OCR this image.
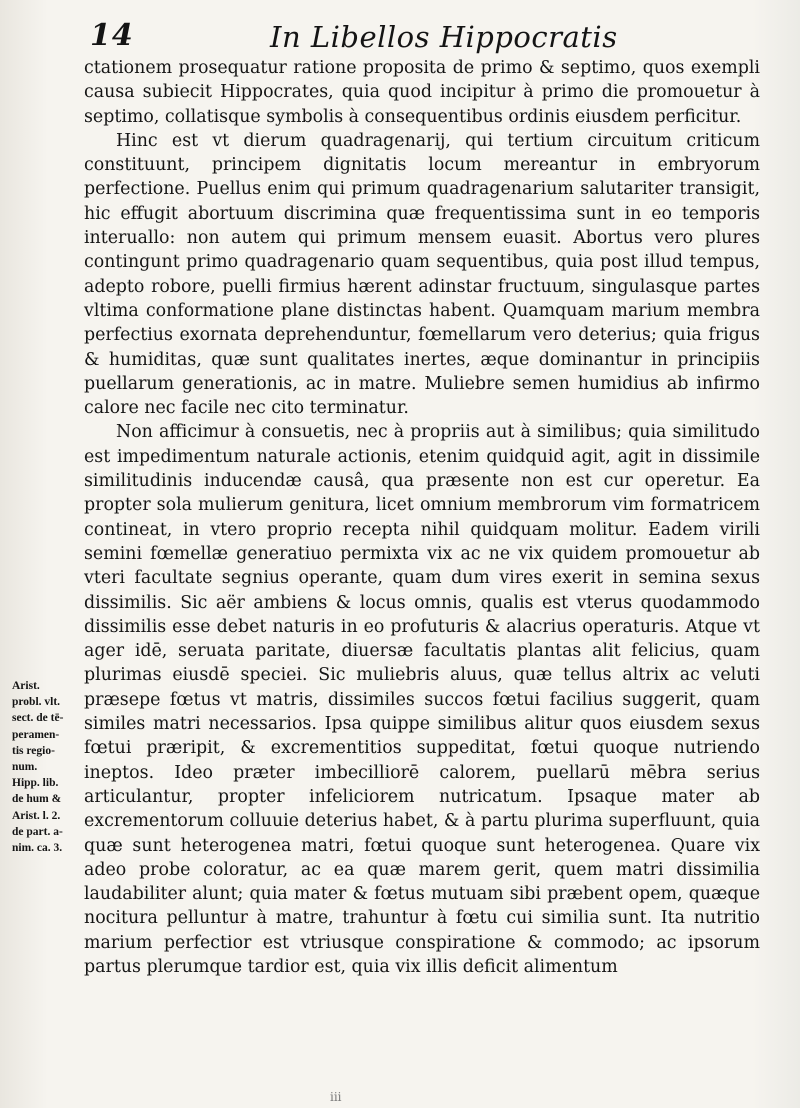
14	In Libellos Hippocratis

ctationem prosequatur ratione proposita de primo & septimo, quos exempli causa subiecit Hippocrates, quia quod incipitur à primo die promouetur à septimo, collatisque symbolis à consequentibus ordinis eiusdem perficitur.

Hinc est vt dierum quadragenarij, qui tertium circuitum criticum constituunt, principem dignitatis locum mereantur in embryorum perfectione. Puellus enim qui primum quadragenarium salutariter transigit, hic effugit abortuum discrimina quæ frequentissima sunt in eo temporis interuallo: non autem qui primum mensem euasit. Abortus vero plures contingunt primo quadragenario quam sequentibus, quia post illud tempus, adepto robore, puelli firmius hærent adinstar fructuum, singulasque partes vltima conformatione plane distinctas habent. Quamquam marium membra perfectius exornata deprehenduntur, fœmellarum vero deterius; quia frigus & humiditas, quæ sunt qualitates inertes, æque dominantur in principiis puellarum generationis, ac in matre. Muliebre semen humidius ab infirmo calore nec facile nec cito terminatur.

Non afficimur à consuetis, nec à propriis aut à similibus; quia similitudo est impedimentum naturale actionis, etenim quidquid agit, agit in dissimile similitudinis inducendæ causâ, qua præsente non est cur operetur. Ea propter sola mulierum genitura, licet omnium membrorum vim formatricem contineat, in vtero proprio recepta nihil quidquam molitur. Eadem virili semini fœmellæ generatiuo permixta vix ac ne vix quidem promouetur ab vteri facultate segnius operante, quam dum vires exerit in semina sexus dissimilis. Sic aër ambiens & locus omnis, qualis est vterus quodammodo dissimilis esse debet naturis in eo profuturis & alacrius operaturis. Atque vt ager idē, seruata paritate, diuersæ facultatis plantas alit felicius, quam plurimas eiusdē speciei. Sic muliebris aluus, quæ tellus altrix ac veluti præsepe fœtus vt matris, dissimiles succos fœtui facilius suggerit, quam similes matri necessarios. Ipsa quippe similibus alitur quos eiusdem sexus fœtui præripit, & excrementitios suppeditat, fœtui quoque nutriendo ineptos. Ideo præter imbecilliorē calorem, puellarū mēbra serius articulantur, propter infeliciorem nutricatum. Ipsaque mater ab excrementorum colluuie deterius habet, & à partu plurima superfluunt, quia quæ sunt heterogenea matri, fœtui quoque sunt heterogenea. Quare vix adeo probe coloratur, ac ea quæ marem gerit, quem matri dissimilia laudabiliter alunt; quia mater & fœtus mutuam sibi præbent opem, quæque nocitura pelluntur à matre, trahuntur à fœtu cui similia sunt. Ita nutritio marium perfectior est vtriusque conspiratione & commodo; ac ipsorum partus plerumque tardior est, quia vix illis deficit alimentum

Arist.
probl. vlt.
sect. de tē-
peramen-
tis regio-
num.
Hipp. lib.
de hum &
Arist. l. 2.
de part. a-
nim. ca. 3.
iii
